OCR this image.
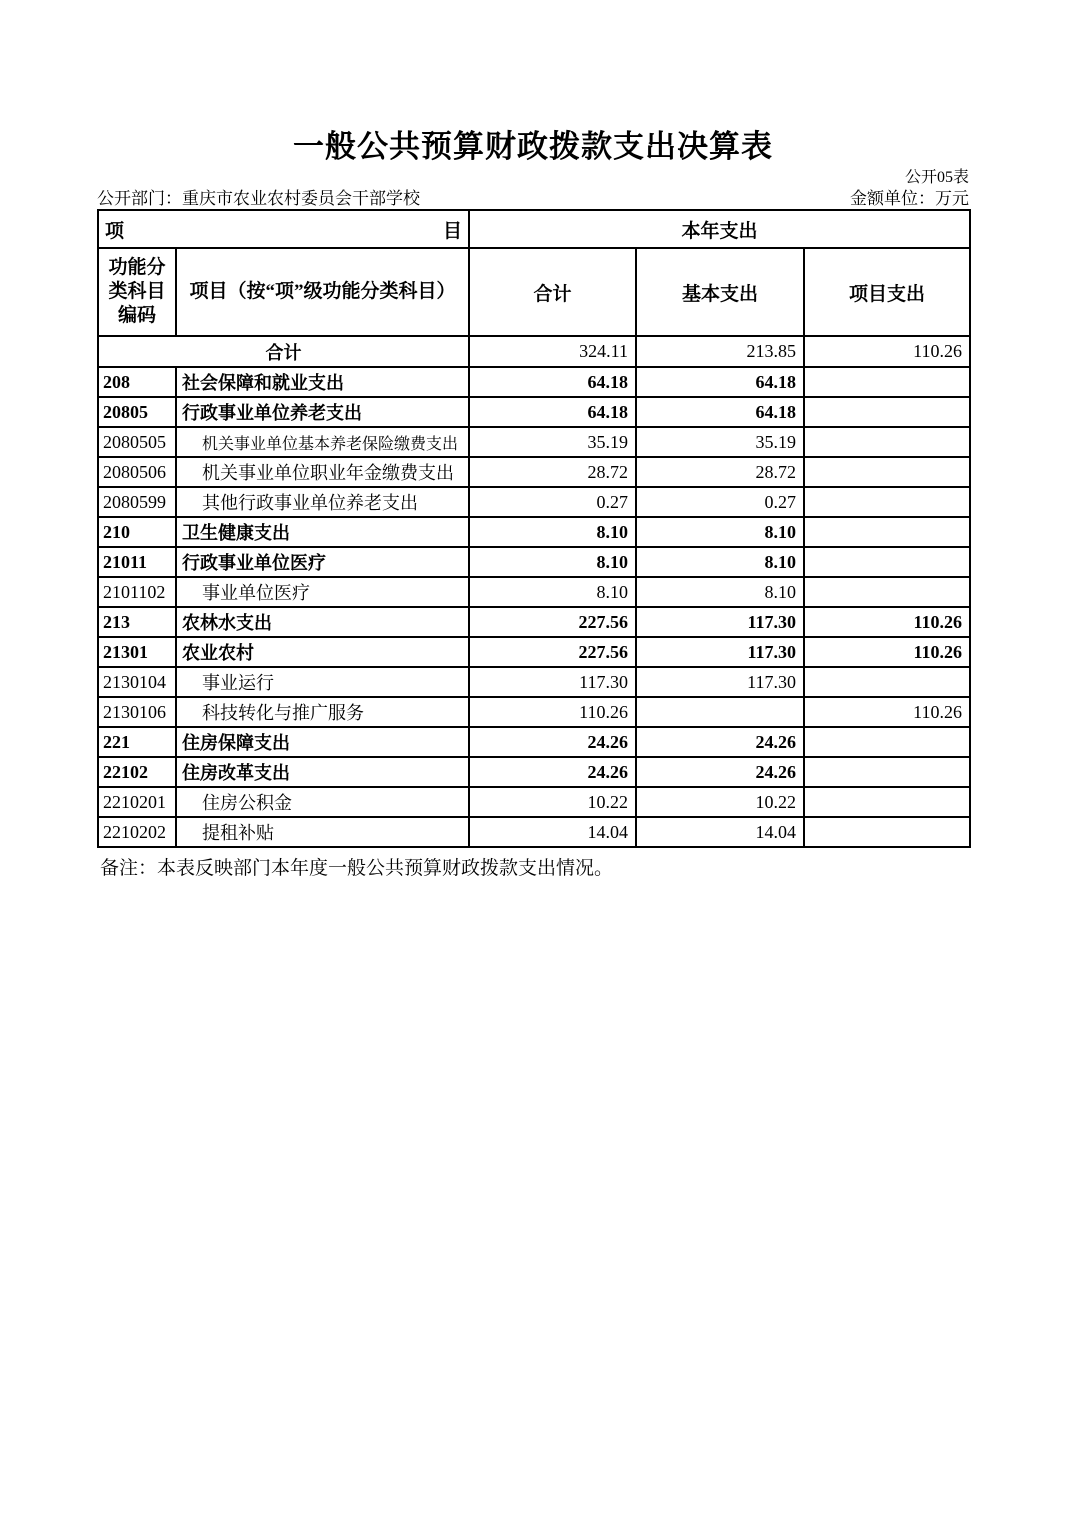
一般公共预算财政拨款支出决算表
公开05表
公开部门：重庆市农业农村委员会干部学校	金额单位：万元
项 目		本年支出		
功能分类科目编码	项目（按“项”级功能分类科目）	合计	基本支出	项目支出
合计		324.11	213.85	110.26
208	社会保障和就业支出	64.18	64.18	
20805	行政事业单位养老支出	64.18	64.18	
2080505	机关事业单位基本养老保险缴费支出	35.19	35.19	
2080506	机关事业单位职业年金缴费支出	28.72	28.72	
2080599	其他行政事业单位养老支出	0.27	0.27	
210	卫生健康支出	8.10	8.10	
21011	行政事业单位医疗	8.10	8.10	
2101102	事业单位医疗	8.10	8.10	
213	农林水支出	227.56	117.30	110.26
21301	农业农村	227.56	117.30	110.26
2130104	事业运行	117.30	117.30	
2130106	科技转化与推广服务	110.26		110.26
221	住房保障支出	24.26	24.26	
22102	住房改革支出	24.26	24.26	
2210201	住房公积金	10.22	10.22	
2210202	提租补贴	14.04	14.04	
备注：本表反映部门本年度一般公共预算财政拨款支出情况。
